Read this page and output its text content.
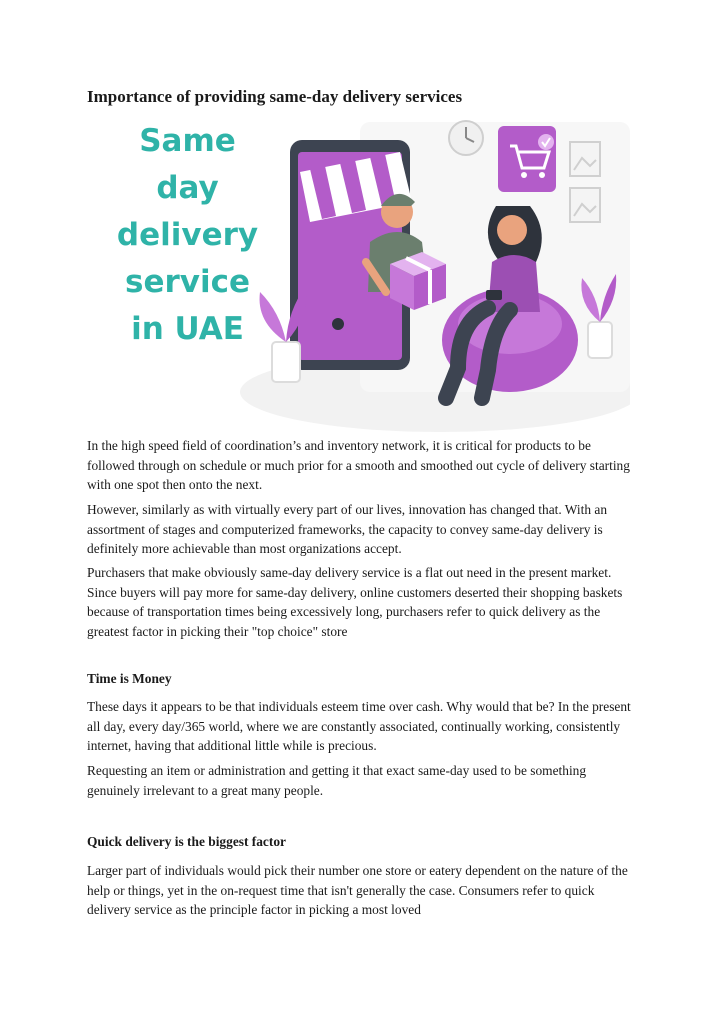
Importance of providing same-day delivery services
Same
day
delivery
service
in UAE

In the high speed field of coordination’s and inventory network, it is critical for products to be followed through on schedule or much prior for a smooth and smoothed out cycle of delivery starting with one spot then onto the next.

However, similarly as with virtually every part of our lives, innovation has changed that. With an assortment of stages and computerized frameworks, the capacity to convey same-day delivery is definitely more achievable than most organizations accept.

Purchasers that make obviously same-day delivery service is a flat out need in the present market. Since buyers will pay more for same-day delivery, online customers deserted their shopping baskets because of transportation times being excessively long, purchasers refer to quick delivery as the greatest factor in picking their "top choice" store

Time is Money

These days it appears to be that individuals esteem time over cash. Why would that be? In the present all day, every day/365 world, where we are constantly associated, continually working, consistently internet, having that additional little while is precious.

Requesting an item or administration and getting it that exact same-day used to be something genuinely irrelevant to a great many people.

Quick delivery is the biggest factor

Larger part of individuals would pick their number one store or eatery dependent on the nature of the help or things, yet in the on-request time that isn't generally the case. Consumers refer to quick delivery service as the principle factor in picking a most loved
